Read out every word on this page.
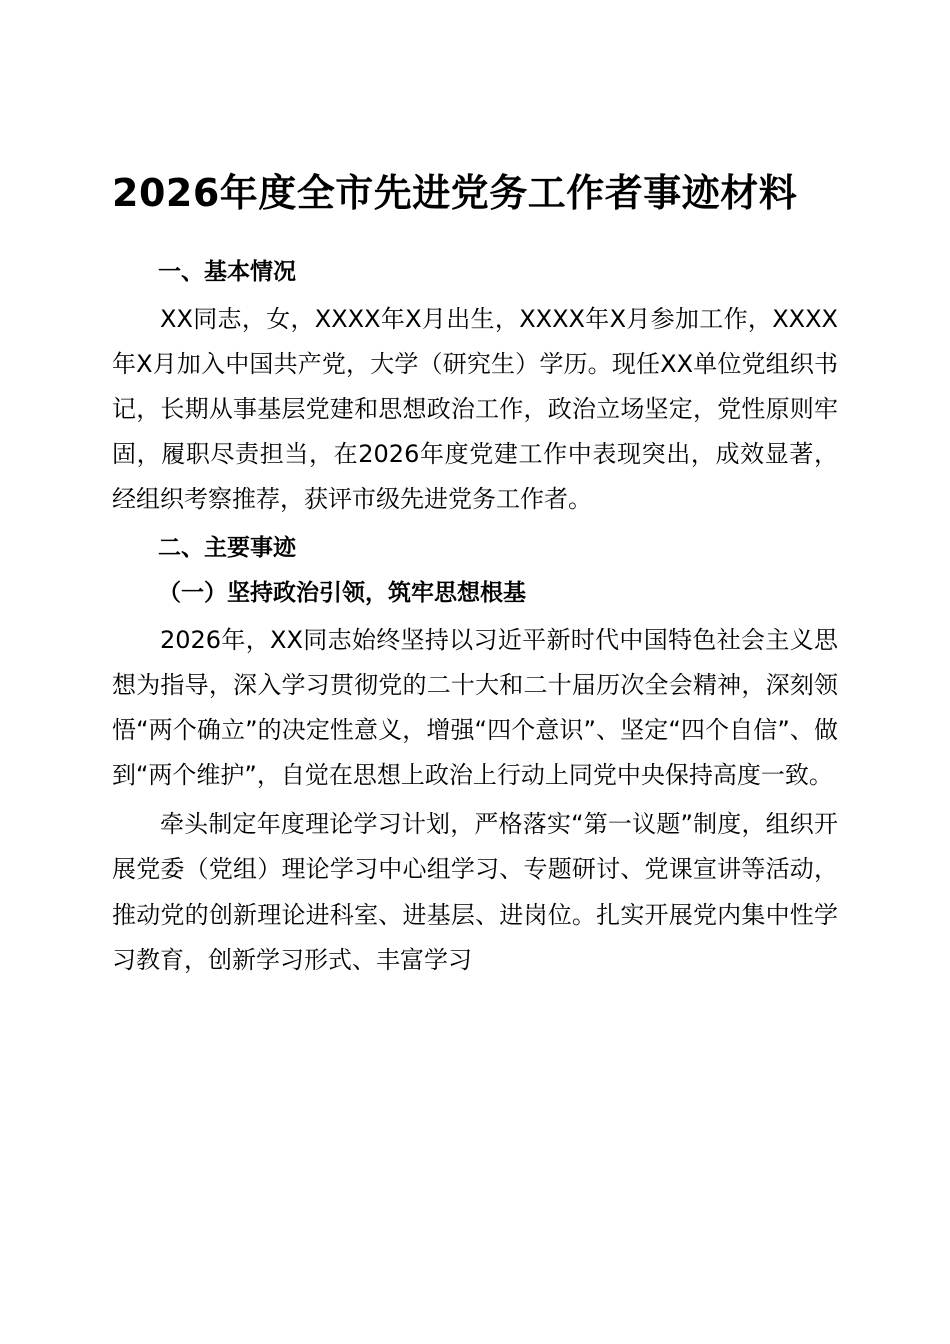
2026年度全市先进党务工作者事迹材料

一、基本情况

XX同志，女，XXXX年X月出生，XXXX年X月参加工作，XXXX年X月加入中国共产党，大学（研究生）学历。现任XX单位党组织书记，长期从事基层党建和思想政治工作，政治立场坚定，党性原则牢固，履职尽责担当，在2026年度党建工作中表现突出，成效显著，经组织考察推荐，获评市级先进党务工作者。

二、主要事迹

（一）坚持政治引领，筑牢思想根基

2026年，XX同志始终坚持以习近平新时代中国特色社会主义思想为指导，深入学习贯彻党的二十大和二十届历次全会精神，深刻领悟“两个确立”的决定性意义，增强“四个意识”、坚定“四个自信”、做到“两个维护”，自觉在思想上政治上行动上同党中央保持高度一致。

牵头制定年度理论学习计划，严格落实“第一议题”制度，组织开展党委（党组）理论学习中心组学习、专题研讨、党课宣讲等活动，推动党的创新理论进科室、进基层、进岗位。扎实开展党内集中性学习教育，创新学习形式、丰富学习
